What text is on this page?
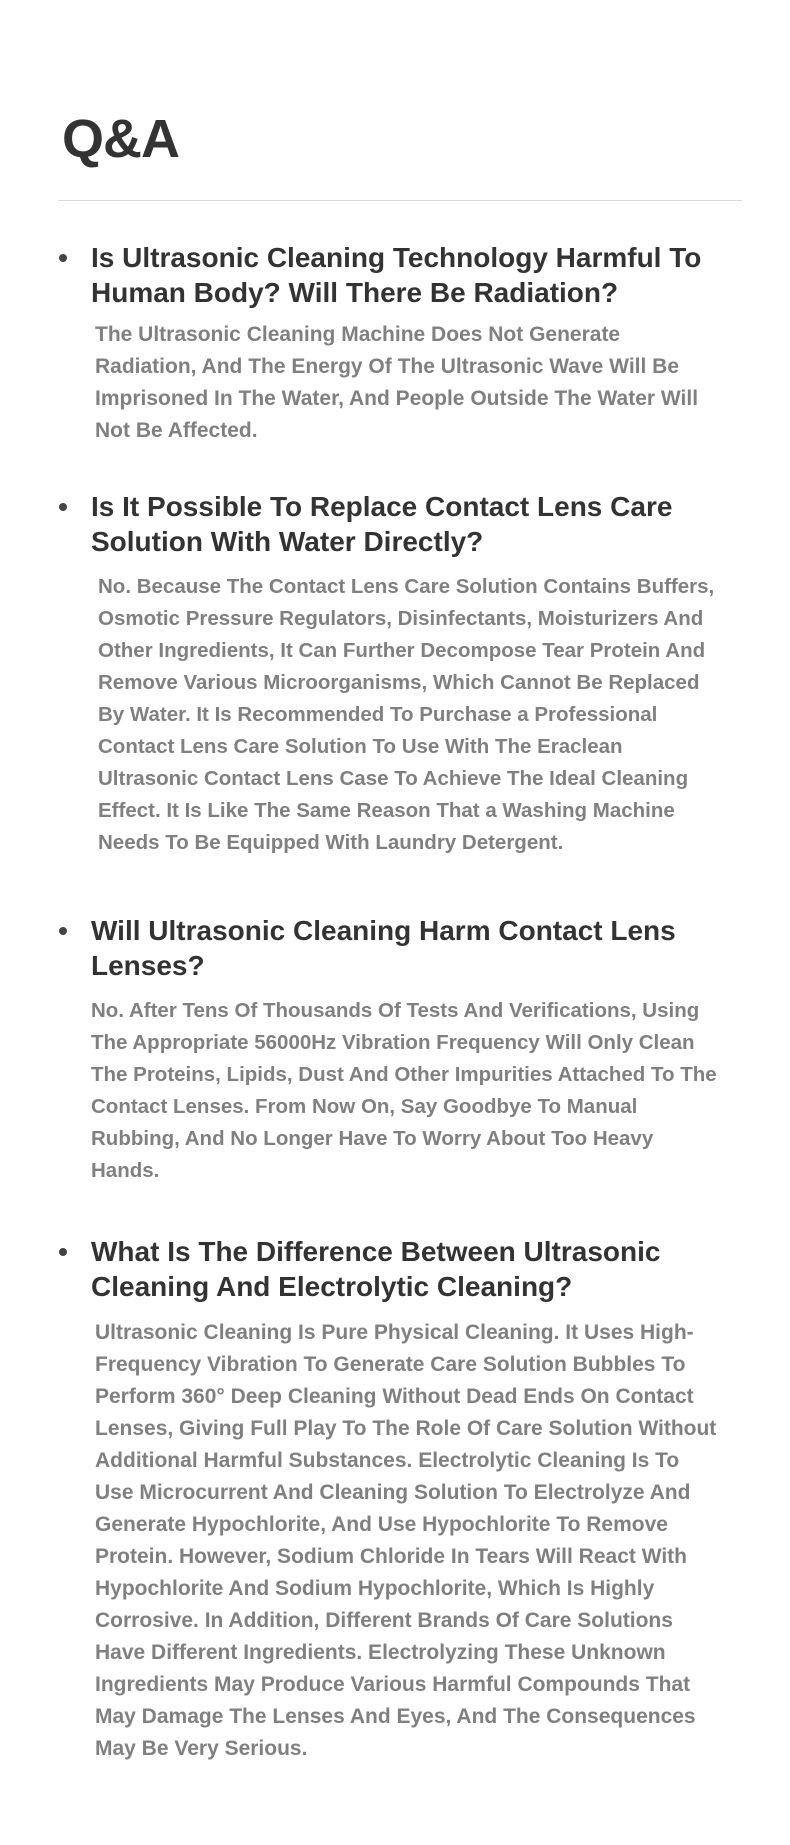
Q&A
Is Ultrasonic Cleaning Technology Harmful To Human Body? Will There Be Radiation?

The Ultrasonic Cleaning Machine Does Not Generate Radiation, And The Energy Of The Ultrasonic Wave Will Be Imprisoned In The Water, And People Outside The Water Will Not Be Affected.

Is It Possible To Replace Contact Lens Care Solution With Water Directly?

No. Because The Contact Lens Care Solution Contains Buffers, Osmotic Pressure Regulators, Disinfectants, Moisturizers And Other Ingredients, It Can Further Decompose Tear Protein And Remove Various Microorganisms, Which Cannot Be Replaced By Water. It Is Recommended To Purchase a Professional Contact Lens Care Solution To Use With The Eraclean Ultrasonic Contact Lens Case To Achieve The Ideal Cleaning Effect. It Is Like The Same Reason That a Washing Machine Needs To Be Equipped With Laundry Detergent.

Will Ultrasonic Cleaning Harm Contact Lens Lenses?

No. After Tens Of Thousands Of Tests And Verifications, Using The Appropriate 56000Hz Vibration Frequency Will Only Clean The Proteins, Lipids, Dust And Other Impurities Attached To The Contact Lenses. From Now On, Say Goodbye To Manual Rubbing, And No Longer Have To Worry About Too Heavy Hands.

What Is The Difference Between Ultrasonic Cleaning And Electrolytic Cleaning?

Ultrasonic Cleaning Is Pure Physical Cleaning. It Uses High-Frequency Vibration To Generate Care Solution Bubbles To Perform 360° Deep Cleaning Without Dead Ends On Contact Lenses, Giving Full Play To The Role Of Care Solution Without Additional Harmful Substances. Electrolytic Cleaning Is To Use Microcurrent And Cleaning Solution To Electrolyze And Generate Hypochlorite, And Use Hypochlorite To Remove Protein. However, Sodium Chloride In Tears Will React With Hypochlorite And Sodium Hypochlorite, Which Is Highly Corrosive. In Addition, Different Brands Of Care Solutions Have Different Ingredients. Electrolyzing These Unknown Ingredients May Produce Various Harmful Compounds That May Damage The Lenses And Eyes, And The Consequences May Be Very Serious.
